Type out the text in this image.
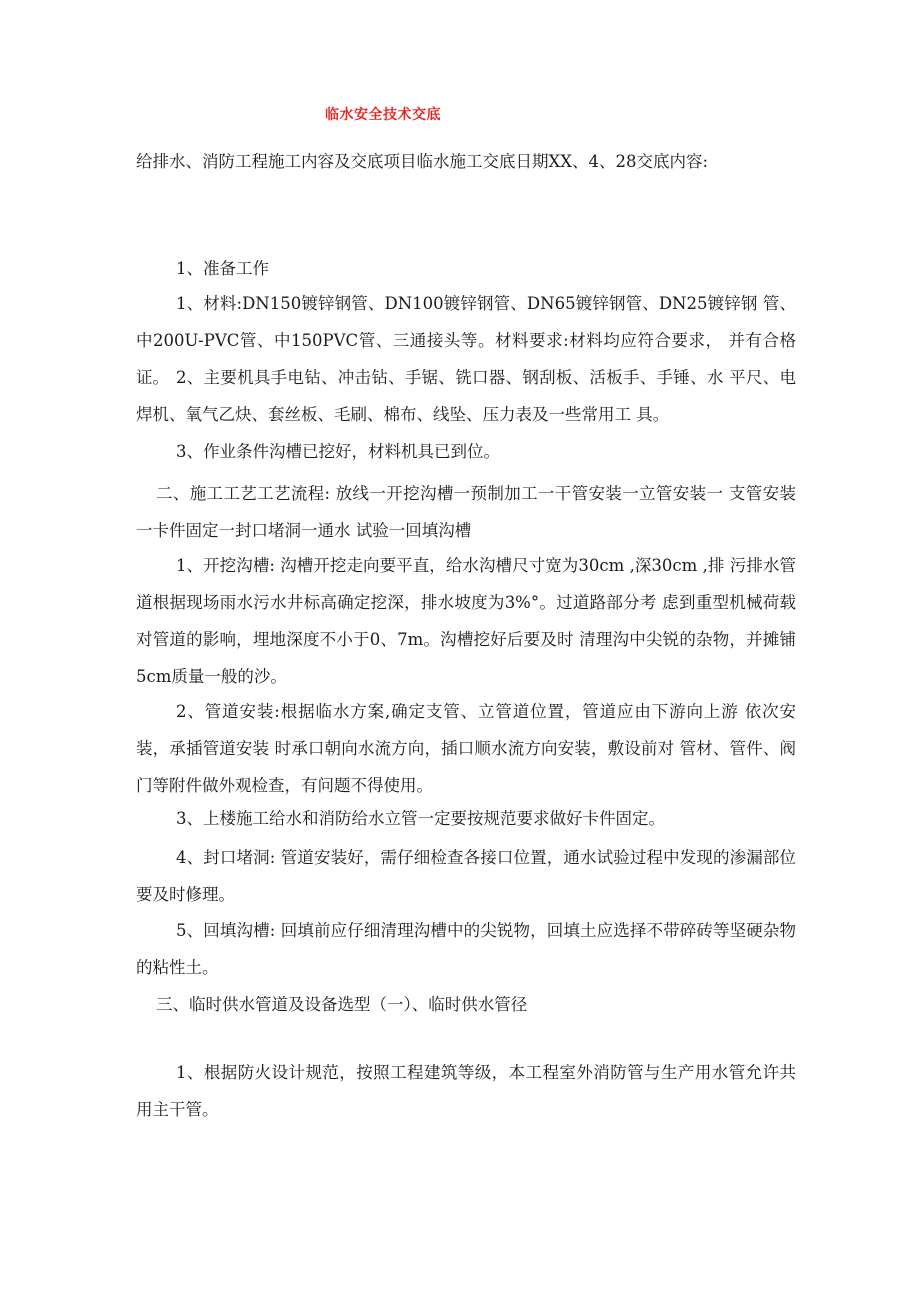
临水安全技术交底
给排水、消防工程施工内容及交底项目临水施工交底日期XX、4、28交底内容:
1、准备工作
1、材料:DN150镀锌钢管、DN100镀锌钢管、DN65镀锌钢管、DN25镀锌钢 管、中200U-PVC管、中150PVC管、三通接头等。材料要求:材料均应符合要求， 并有合格证。 2、主要机具手电钻、冲击钻、手锯、铣口器、钢刮板、活板手、手锤、水 平尺、电焊机、氧气乙炔、套丝板、毛刷、棉布、线坠、压力表及一些常用工 具。
3、作业条件沟槽已挖好，材料机具已到位。
二、施工工艺工艺流程: 放线一开挖沟槽一预制加工一干管安装一立管安装一 支管安装一卡件固定一封口堵洞一通水 试验一回填沟槽
1、开挖沟槽: 沟槽开挖走向要平直，给水沟槽尺寸宽为30cm ,深30cm ,排 污排水管道根据现场雨水污水井标高确定挖深，排水坡度为3%°。过道路部分考 虑到重型机械荷载对管道的影响，埋地深度不小于0、7m。沟槽挖好后要及时 清理沟中尖锐的杂物，并摊铺5cm质量一般的沙。
2、管道安装:根据临水方案,确定支管、立管道位置，管道应由下游向上游 依次安装，承插管道安装 时承口朝向水流方向，插口顺水流方向安装，敷设前对 管材、管件、阀门等附件做外观检查，有问题不得使用。
3、上楼施工给水和消防给水立管一定要按规范要求做好卡件固定。
4、封口堵洞: 管道安装好，需仔细检查各接口位置，通水试验过程中发现的渗漏部位要及时修理。
5、回填沟槽: 回填前应仔细清理沟槽中的尖锐物，回填土应选择不带碎砖等坚硬杂物的粘性土。
三、临时供水管道及设备选型（一）、临时供水管径
1、根据防火设计规范，按照工程建筑等级，本工程室外消防管与生产用水管允许共用主干管。
